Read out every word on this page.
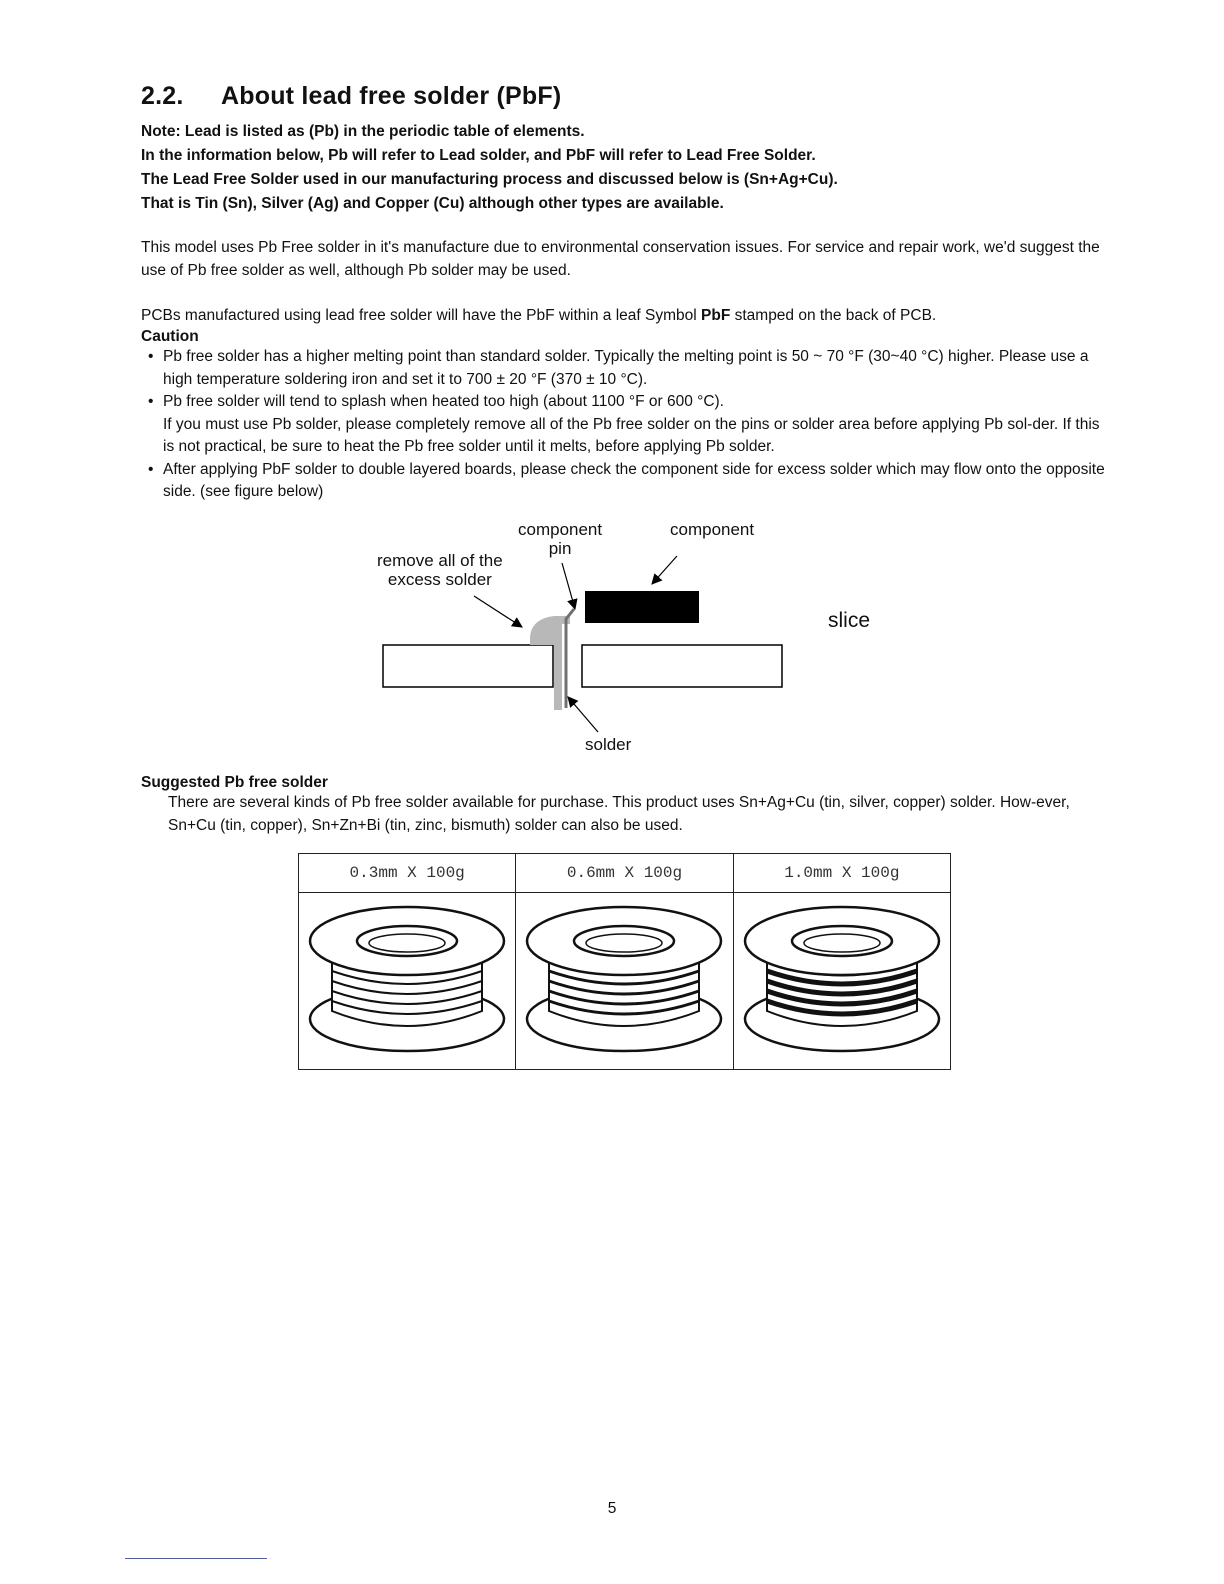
2.2. About lead free solder (PbF)
Note: Lead is listed as (Pb) in the periodic table of elements.
In the information below, Pb will refer to Lead solder, and PbF will refer to Lead Free Solder.
The Lead Free Solder used in our manufacturing process and discussed below is (Sn+Ag+Cu).
That is Tin (Sn), Silver (Ag) and Copper (Cu) although other types are available.
This model uses Pb Free solder in it's manufacture due to environmental conservation issues. For service and repair work, we'd suggest the use of Pb free solder as well, although Pb solder may be used.
PCBs manufactured using lead free solder will have the PbF within a leaf Symbol PbF stamped on the back of PCB.
Caution
• Pb free solder has a higher melting point than standard solder. Typically the melting point is 50 ~ 70 °F (30~40 °C) higher. Please use a high temperature soldering iron and set it to 700 ± 20 °F (370 ± 10 °C).
• Pb free solder will tend to splash when heated too high (about 1100 °F or 600 °C).
If you must use Pb solder, please completely remove all of the Pb free solder on the pins or solder area before applying Pb sol-der. If this is not practical, be sure to heat the Pb free solder until it melts, before applying Pb solder.
• After applying PbF solder to double layered boards, please check the component side for excess solder which may flow onto the opposite side. (see figure below)
component
pin
component
remove all of the
excess solder
slice
solder
Suggested Pb free solder
There are several kinds of Pb free solder available for purchase. This product uses Sn+Ag+Cu (tin, silver, copper) solder. How-ever, Sn+Cu (tin, copper), Sn+Zn+Bi (tin, zinc, bismuth) solder can also be used.
0.3mm X 100g	0.6mm X 100g	1.0mm X 100g

5
